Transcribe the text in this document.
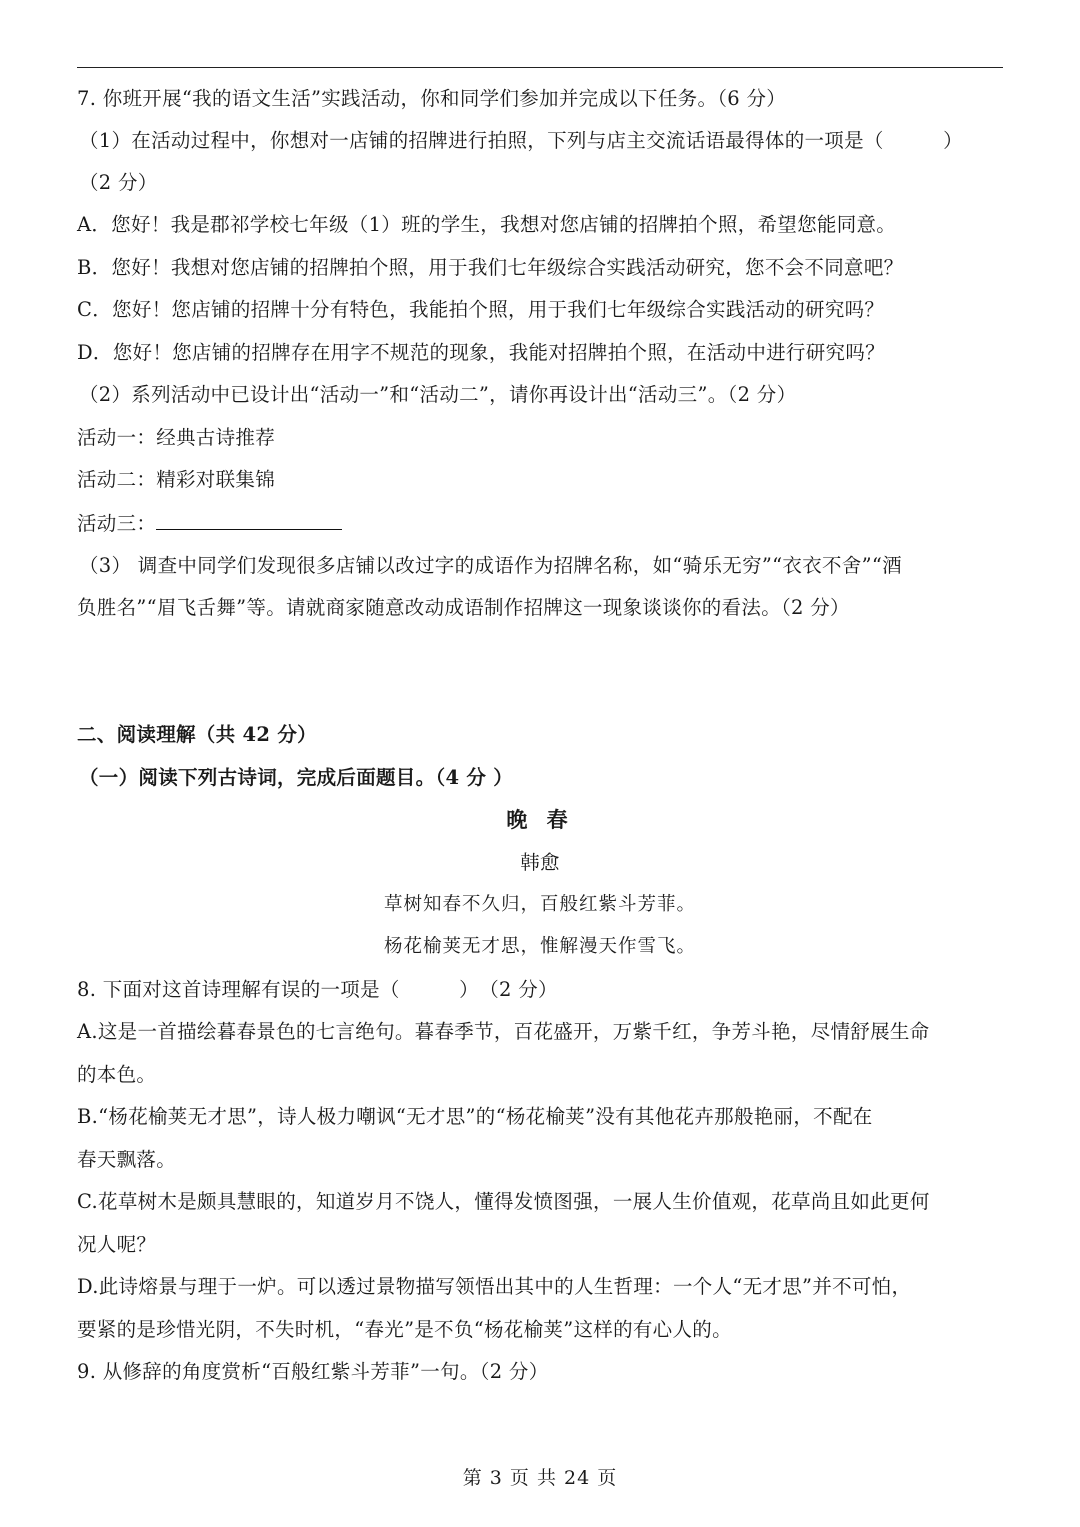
7. 你班开展“我的语文生活”实践活动，你和同学们参加并完成以下任务。（6 分）
（1）在活动过程中，你想对一店铺的招牌进行拍照，下列与店主交流话语最得体的一项是（　　　）
（2 分）
A．您好！我是郡祁学校七年级（1）班的学生，我想对您店铺的招牌拍个照，希望您能同意。
B．您好！我想对您店铺的招牌拍个照，用于我们七年级综合实践活动研究，您不会不同意吧？
C．您好！您店铺的招牌十分有特色，我能拍个照，用于我们七年级综合实践活动的研究吗？
D．您好！您店铺的招牌存在用字不规范的现象，我能对招牌拍个照，在活动中进行研究吗？
（2）系列活动中已设计出“活动一”和“活动二”，请你再设计出“活动三”。（2 分）
活动一：经典古诗推荐
活动二：精彩对联集锦
活动三：
（3） 调查中同学们发现很多店铺以改过字的成语作为招牌名称，如“骑乐无穷”“衣衣不舍”“酒
负胜名”“眉飞舌舞”等。请就商家随意改动成语制作招牌这一现象谈谈你的看法。（2 分）
二、阅读理解（共 42 分）
（一）阅读下列古诗词，完成后面题目。（4 分 ）
晚 春
韩愈
草树知春不久归，百般红紫斗芳菲。
杨花榆荚无才思，惟解漫天作雪飞。
8. 下面对这首诗理解有误的一项是（　　　）　（2 分）
A.这是一首描绘暮春景色的七言绝句。暮春季节，百花盛开，万紫千红，争芳斗艳，尽情舒展生命
的本色。
B.“杨花榆荚无才思”，诗人极力嘲讽“无才思”的“杨花榆荚”没有其他花卉那般艳丽，不配在
春天飘落。
C.花草树木是颇具慧眼的，知道岁月不饶人，懂得发愤图强，一展人生价值观，花草尚且如此更何
况人呢？
D.此诗熔景与理于一炉。可以透过景物描写领悟出其中的人生哲理：一个人“无才思”并不可怕，
要紧的是珍惜光阴，不失时机，“春光”是不负“杨花榆荚”这样的有心人的。
9. 从修辞的角度赏析“百般红紫斗芳菲”一句。（2 分）
第 3 页 共 24 页
